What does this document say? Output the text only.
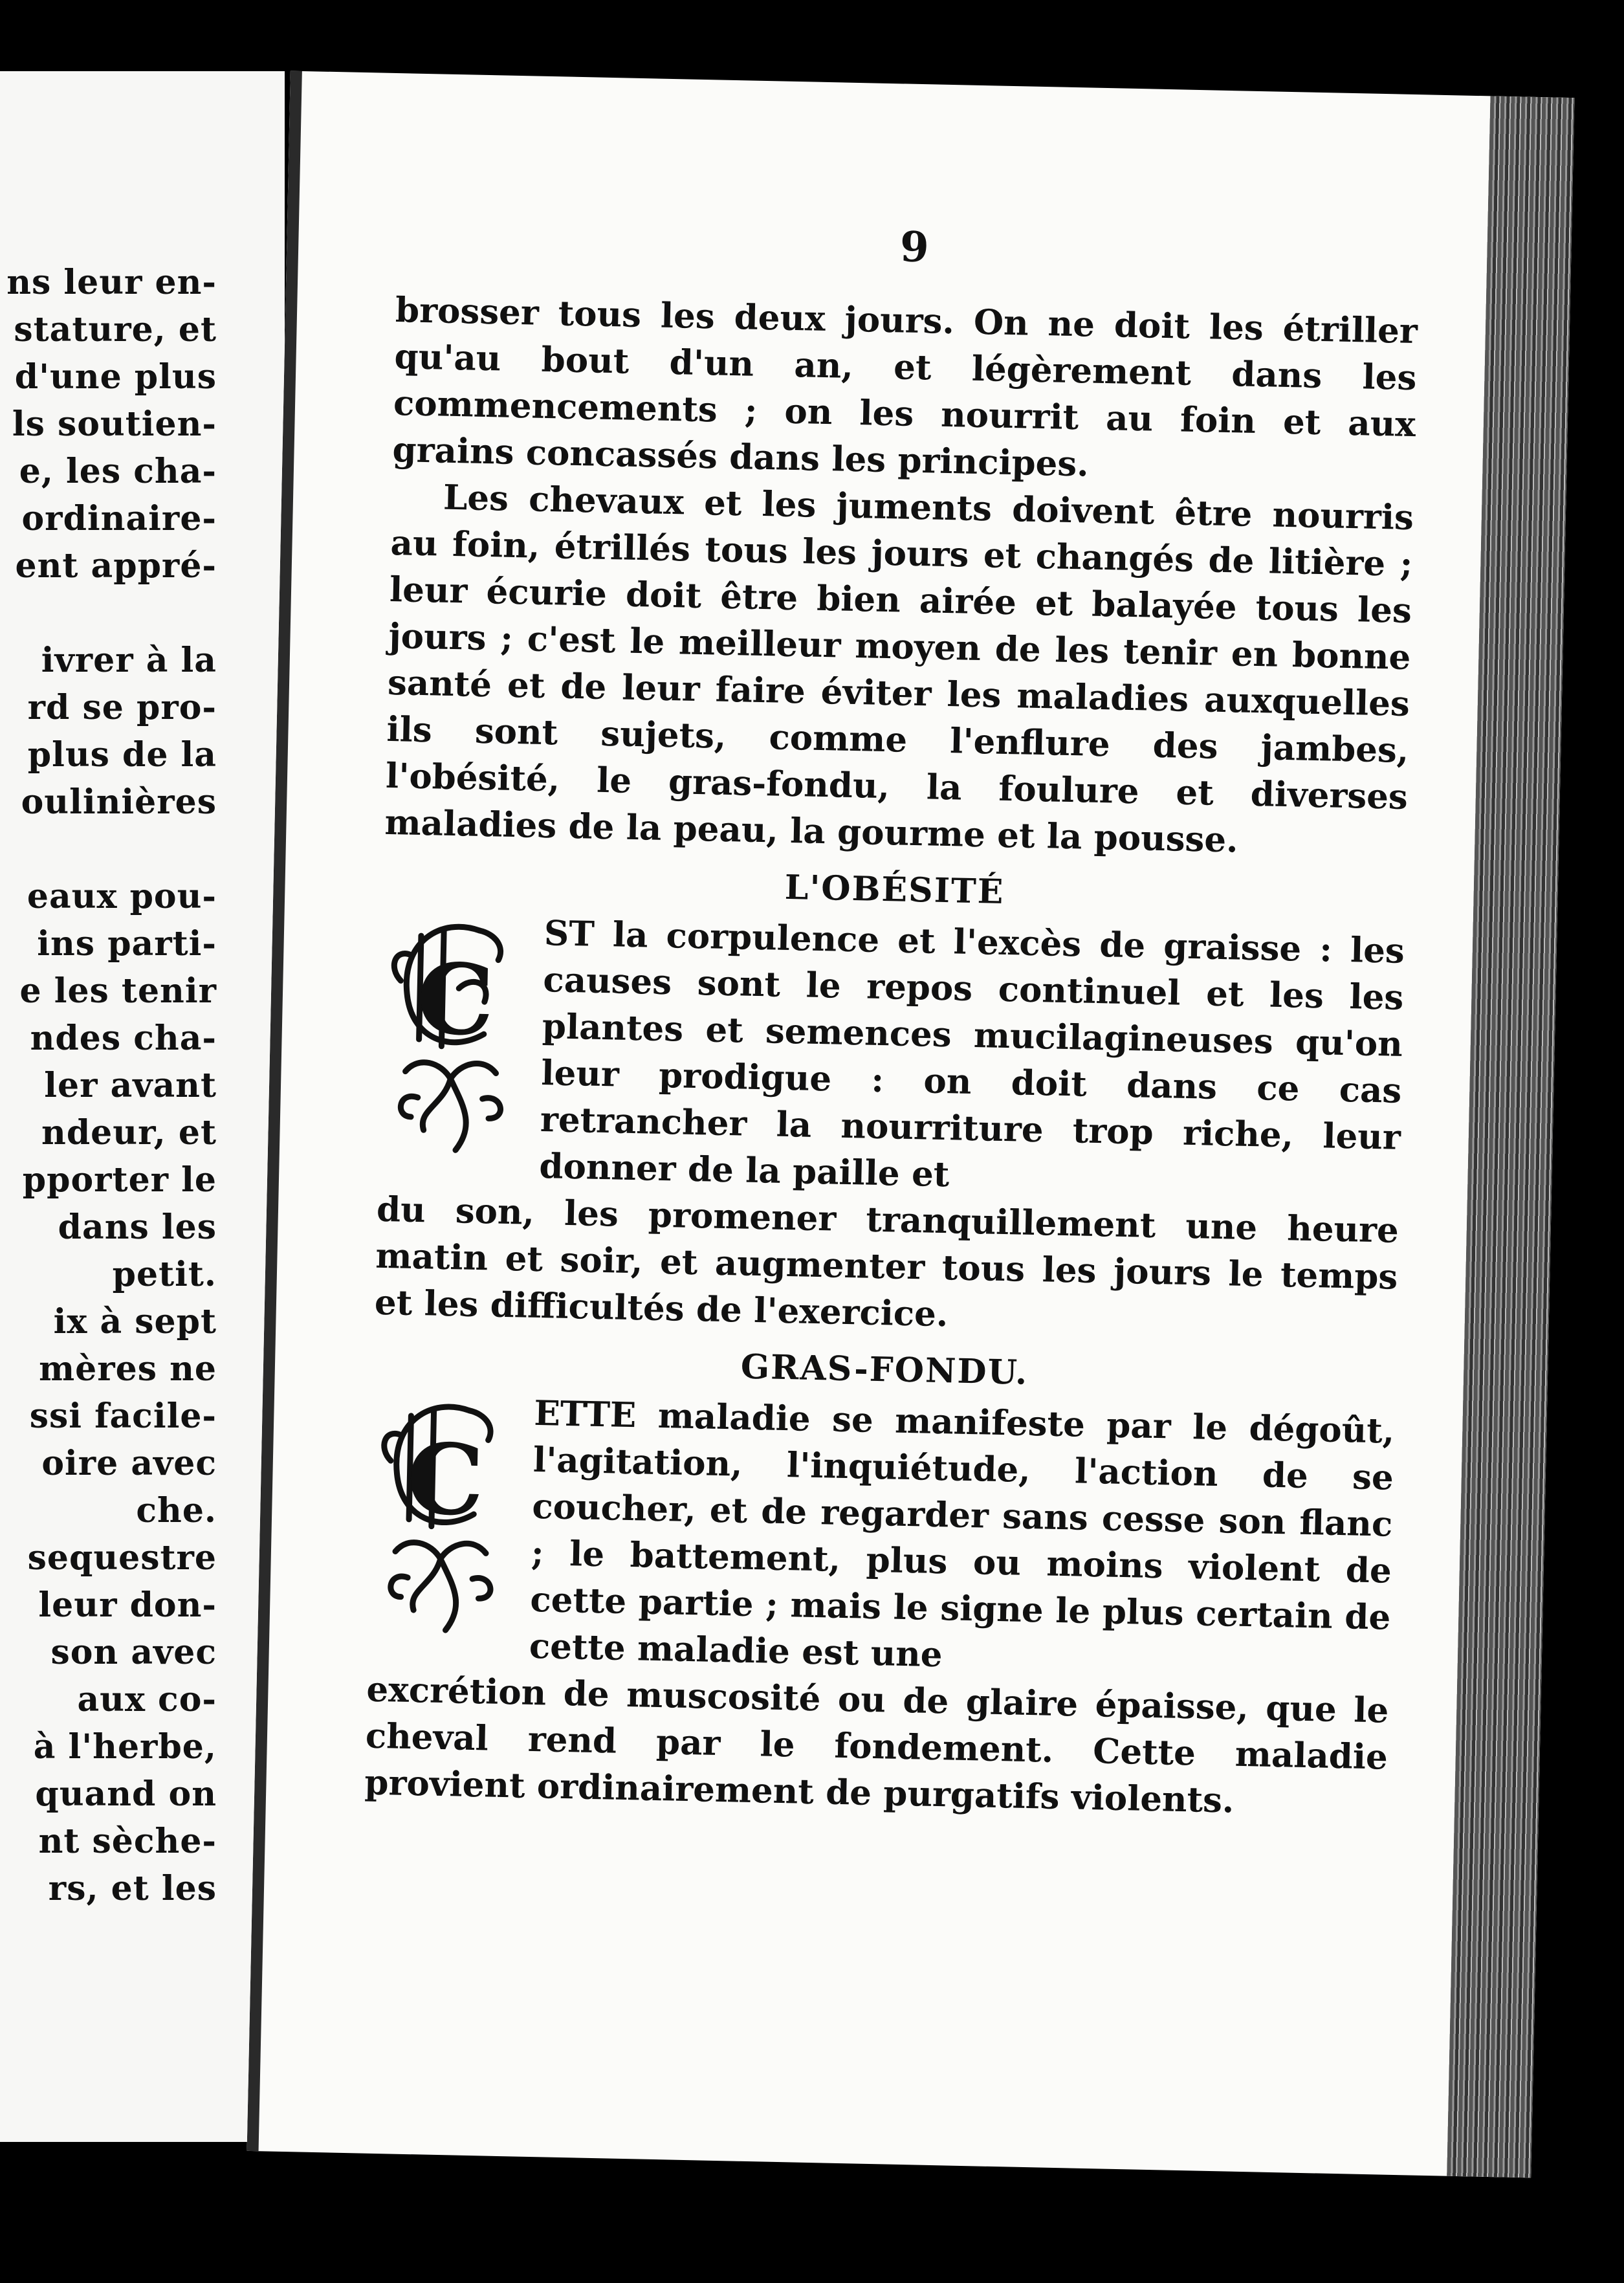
ns leur en-
stature, et
d'une plus
ls soutien-
e, les cha-
ordinaire-
ent appré-
ivrer à la
rd se pro-
plus de la
oulinières
eaux pou-
ins parti-
e les tenir
ndes cha-
ler avant
ndeur, et
pporter le
dans les
petit.
ix à sept
mères ne
ssi facile-
oire avec
che.
sequestre
leur don-
son avec
aux co-
à l'herbe,
quand on
nt sèche-
rs, et les
9

brosser tous les deux jours. On ne doit les étriller qu'au bout d'un an, et légèrement dans les commencements ; on les nourrit au foin et aux grains concassés dans les principes.

Les chevaux et les juments doivent être nourris au foin, étrillés tous les jours et changés de litière ; leur écurie doit être bien airée et balayée tous les jours ; c'est le meilleur moyen de les tenir en bonne santé et de leur faire éviter les maladies auxquelles ils sont sujets, comme l'enflure des jambes, l'obésité, le gras-fondu, la foulure et diverses maladies de la peau, la gourme et la pousse.

L'OBÉSITÉ
C	ST la corpulence et l'excès de graisse : les causes sont le repos continuel et les les plantes et semences mucilagineuses qu'on leur prodigue : on doit dans ce cas retrancher la nourriture trop riche, leur donner de la paille et

du son, les promener tranquillement une heure matin et soir, et augmenter tous les jours le temps et les difficultés de l'exercice.

GRAS-FONDU.
C	ETTE maladie se manifeste par le dégoût, l'agitation, l'inquiétude, l'action de se coucher, et de regarder sans cesse son flanc ; le battement, plus ou moins violent de cette partie ; mais le signe le plus certain de cette maladie est une

excrétion de muscosité ou de glaire épaisse, que le cheval rend par le fondement. Cette maladie provient ordinairement de purgatifs violents.
